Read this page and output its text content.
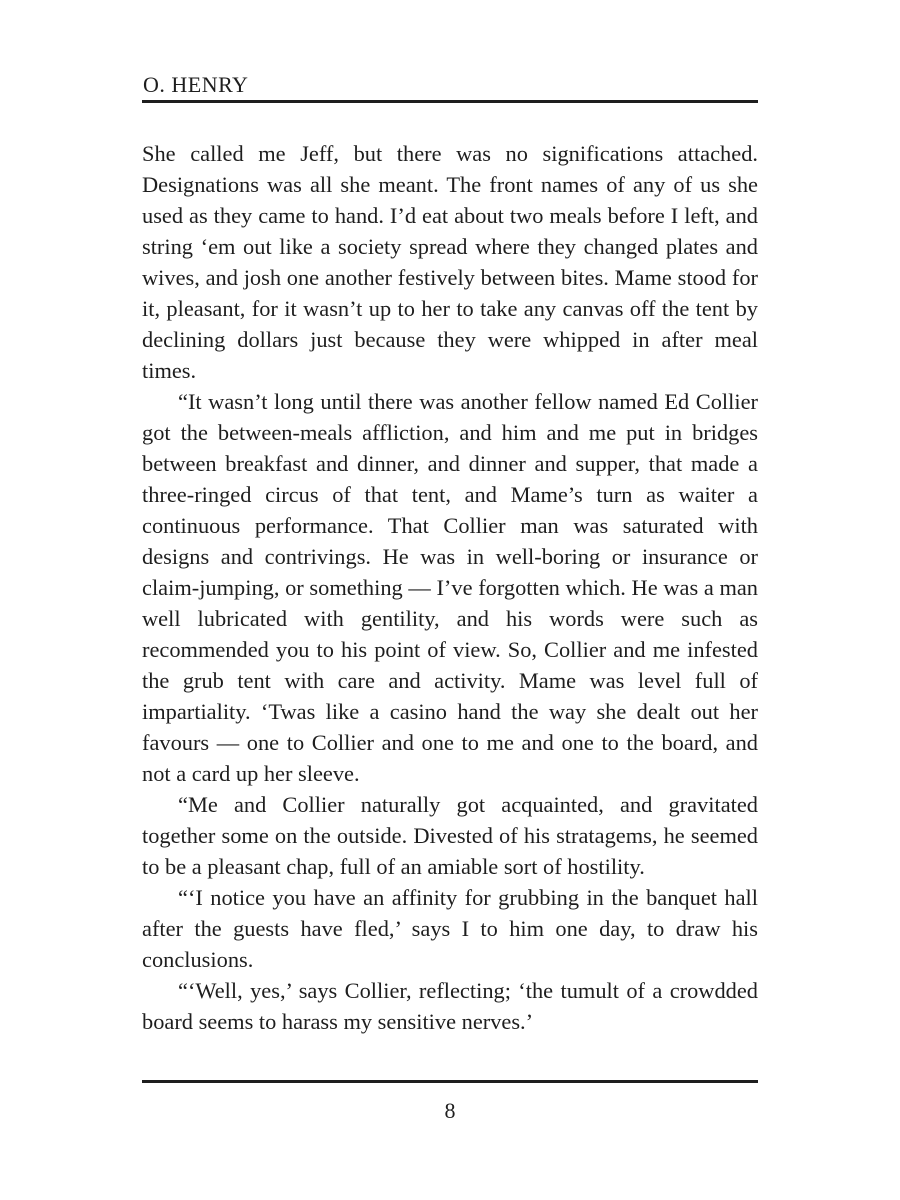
O. HENRY

She called me Jeff, but there was no significations attached. Designations was all she meant. The front names of any of us she used as they came to hand. I’d eat about two meals before I left, and string ‘em out like a society spread where they changed plates and wives, and josh one another festively between bites. Mame stood for it, pleasant, for it wasn’t up to her to take any canvas off the tent by declining dollars just because they were whipped in after meal times.

“It wasn’t long until there was another fellow named Ed Collier got the between-meals affliction, and him and me put in bridges between breakfast and dinner, and dinner and supper, that made a three-ringed circus of that tent, and Mame’s turn as waiter a continuous performance. That Collier man was saturated with designs and contrivings. He was in well-boring or insurance or claim-jumping, or something — I’ve forgotten which. He was a man well lubricated with gentility, and his words were such as recommended you to his point of view. So, Collier and me infested the grub tent with care and activity. Mame was level full of impartiality. ‘Twas like a casino hand the way she dealt out her favours — one to Collier and one to me and one to the board, and not a card up her sleeve.

“Me and Collier naturally got acquainted, and gravitated together some on the outside. Divested of his stratagems, he seemed to be a pleasant chap, full of an amiable sort of hostility.

“‘I notice you have an affinity for grubbing in the banquet hall after the guests have fled,’ says I to him one day, to draw his conclusions.

“‘Well, yes,’ says Collier, reflecting; ‘the tumult of a crowdded board seems to harass my sensitive nerves.’

8
